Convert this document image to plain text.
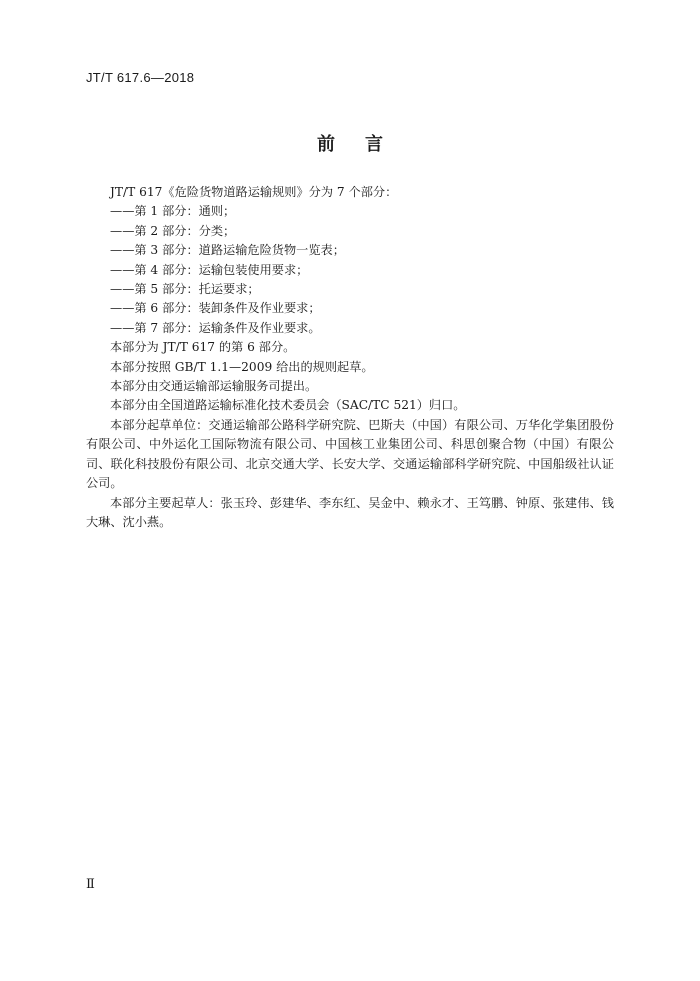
JT/T 617.6—2018
前言

JT/T 617《危险货物道路运输规则》分为 7 个部分：

——第 1 部分：通则；

——第 2 部分：分类；

——第 3 部分：道路运输危险货物一览表；

——第 4 部分：运输包装使用要求；

——第 5 部分：托运要求；

——第 6 部分：装卸条件及作业要求；

——第 7 部分：运输条件及作业要求。

本部分为 JT/T 617 的第 6 部分。

本部分按照 GB/T 1.1—2009 给出的规则起草。

本部分由交通运输部运输服务司提出。

本部分由全国道路运输标准化技术委员会（SAC/TC 521）归口。

本部分起草单位：交通运输部公路科学研究院、巴斯夫（中国）有限公司、万华化学集团股份有限公司、中外运化工国际物流有限公司、中国核工业集团公司、科思创聚合物（中国）有限公司、联化科技股份有限公司、北京交通大学、长安大学、交通运输部科学研究院、中国船级社认证公司。

本部分主要起草人：张玉玲、彭建华、李东红、吴金中、赖永才、王笃鹏、钟原、张建伟、钱大琳、沈小燕。

Ⅱ
